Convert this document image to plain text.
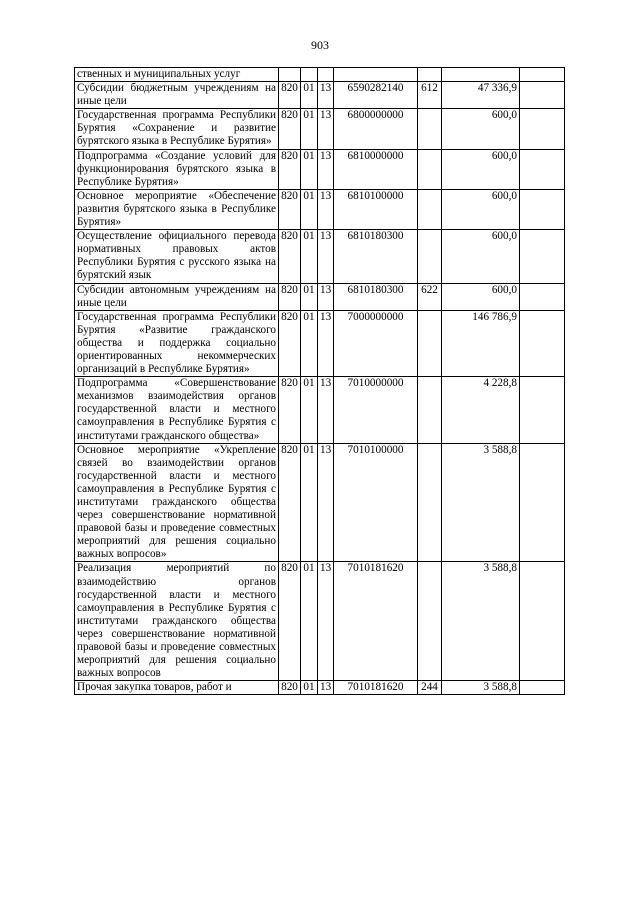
903
ственных и муниципальных услуг							
Субсидии бюджетным учреждениям на иные цели	820	01	13	6590282140	612	47 336,9	
Государственная программа Республики Бурятия «Сохранение и развитие бурятского языка в Республике Бурятия»	820	01	13	6800000000		600,0	
Подпрограмма «Создание условий для функционирования бурятского языка в Республике Бурятия»	820	01	13	6810000000		600,0	
Основное мероприятие «Обеспечение развития бурятского языка в Республике Бурятия»	820	01	13	6810100000		600,0	
Осуществление официального перевода нормативных правовых актов Республики Бурятия с русского языка на бурятский язык	820	01	13	6810180300		600,0	
Субсидии автономным учреждениям на иные цели	820	01	13	6810180300	622	600,0	
Государственная программа Республики Бурятия «Развитие гражданского общества и поддержка социально ориентированных некоммерческих организаций в Республике Бурятия»	820	01	13	7000000000		146 786,9	
Подпрограмма «Совершенствование механизмов взаимодействия органов государственной власти и местного самоуправления в Республике Бурятия с институтами гражданского общества»	820	01	13	7010000000		4 228,8	
Основное мероприятие «Укрепление связей во взаимодействии органов государственной власти и местного самоуправления в Республике Бурятия с институтами гражданского общества через совершенствование нормативной правовой базы и проведение совместных мероприятий для решения социально важных вопросов»	820	01	13	7010100000		3 588,8	
Реализация мероприятий по взаимодействию органов государственной власти и местного самоуправления в Республике Бурятия с институтами гражданского общества через совершенствование нормативной правовой базы и проведение совместных мероприятий для решения социально важных вопросов	820	01	13	7010181620		3 588,8	
Прочая закупка товаров, работ и	820	01	13	7010181620	244	3 588,8	
